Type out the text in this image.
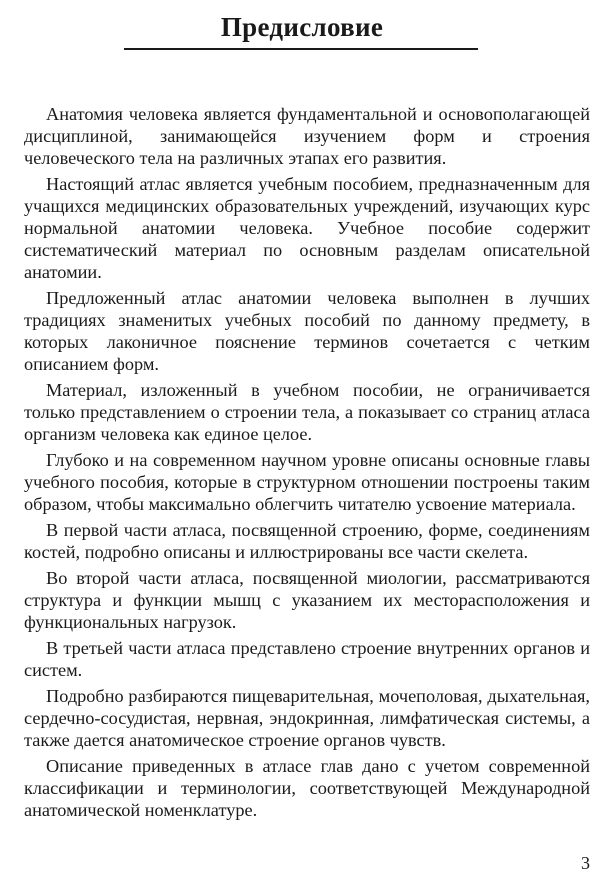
Предисловие

Анатомия человека является фундаментальной и основополагающей дисциплиной, занимающейся изучением форм и строения человеческого тела на различных этапах его развития.

Настоящий атлас является учебным пособием, предназначенным для учащихся медицинских образовательных учреждений, изучающих курс нормальной анатомии человека. Учебное пособие содержит систематический материал по основным разделам описательной анатомии.

Предложенный атлас анатомии человека выполнен в лучших традициях знаменитых учебных пособий по данному предмету, в которых лаконичное пояснение терминов сочетается с четким описанием форм.

Материал, изложенный в учебном пособии, не ограничивается только представлением о строении тела, а показывает со страниц атласа организм человека как единое целое.

Глубоко и на современном научном уровне описаны основные главы учебного пособия, которые в структурном отношении построены таким образом, чтобы максимально облегчить читателю усвоение материала.

В первой части атласа, посвященной строению, форме, соединениям костей, подробно описаны и иллюстрированы все части скелета.

Во второй части атласа, посвященной миологии, рассматриваются структура и функции мышц с указанием их месторасположения и функциональных нагрузок.

В третьей части атласа представлено строение внутренних органов и систем.

Подробно разбираются пищеварительная, мочеполовая, дыхательная, сердечно-сосудистая, нервная, эндокринная, лимфатическая системы, а также дается анатомическое строение органов чувств.

Описание приведенных в атласе глав дано с учетом современной классификации и терминологии, соответствующей Международной анатомической номенклатуре.

3
